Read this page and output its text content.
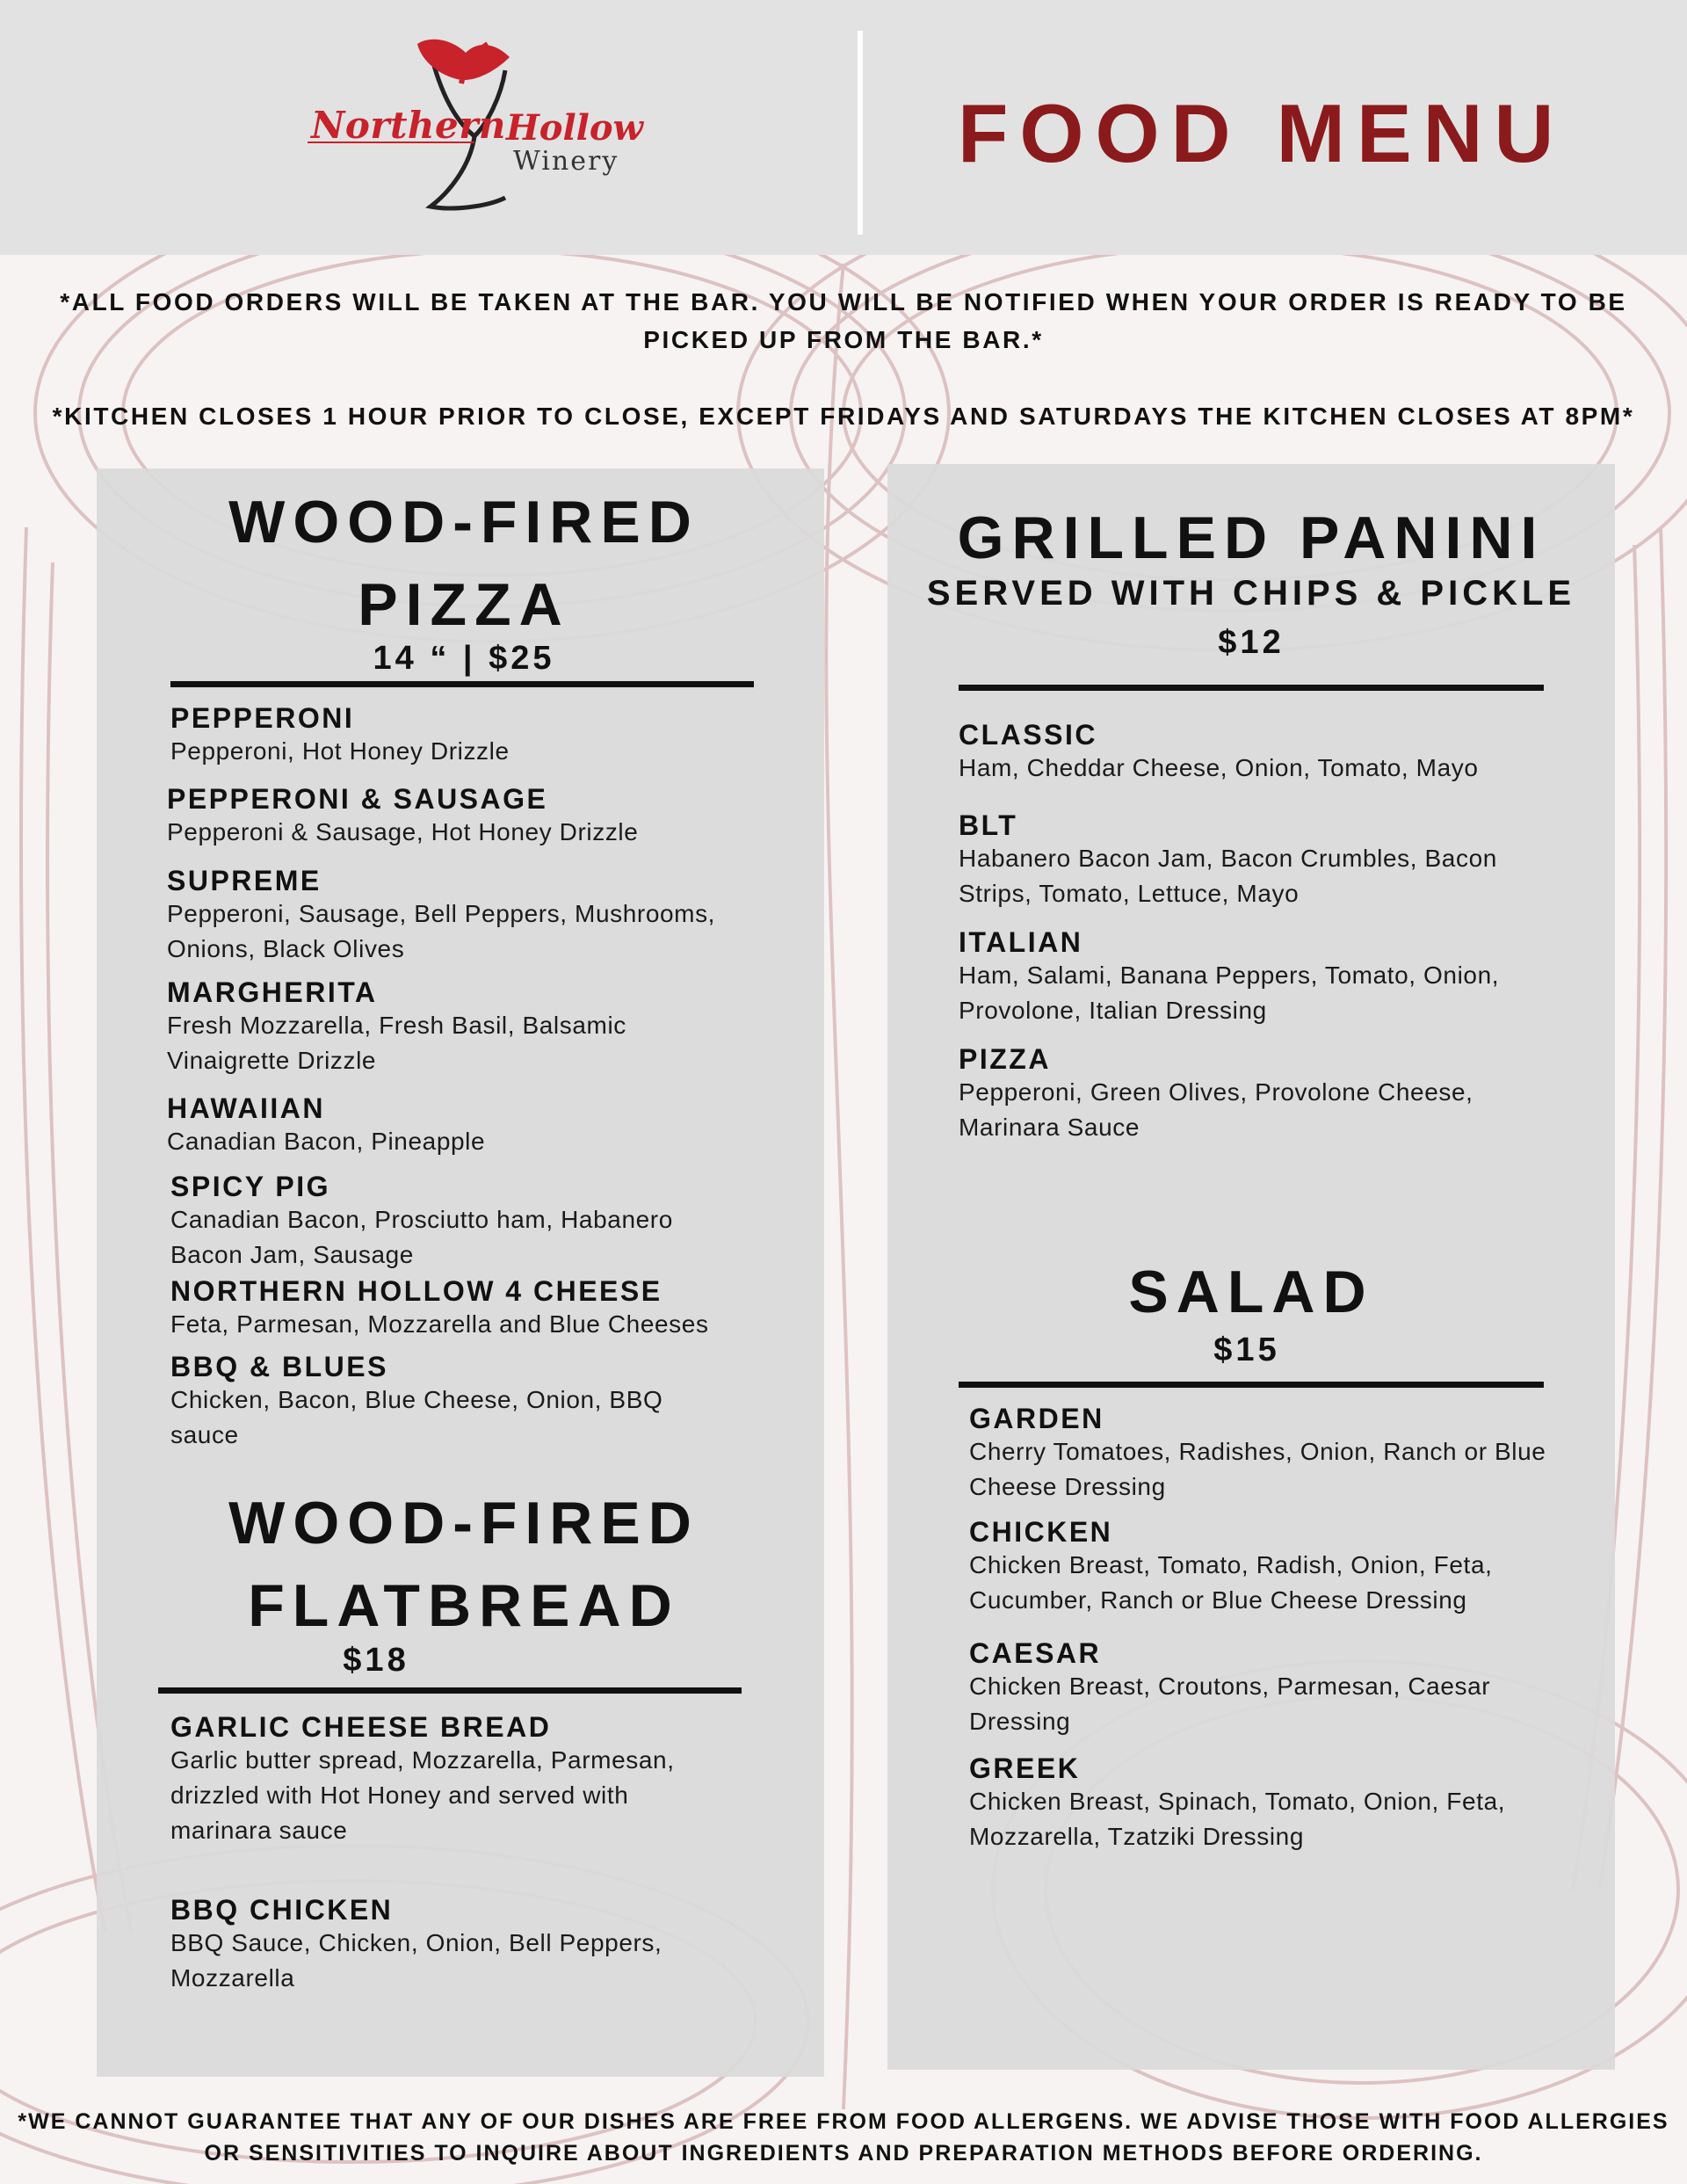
Northern Hollow
Winery	FOOD MENU
*ALL FOOD ORDERS WILL BE TAKEN AT THE BAR. YOU WILL BE NOTIFIED WHEN YOUR ORDER IS READY TO BE PICKED UP FROM THE BAR.*
*KITCHEN CLOSES 1 HOUR PRIOR TO CLOSE, EXCEPT FRIDAYS AND SATURDAYS THE KITCHEN CLOSES AT 8PM*
WOOD-FIRED
PIZZA
14 “ | $25
PEPPERONI
Pepperoni, Hot Honey Drizzle
PEPPERONI & SAUSAGE
Pepperoni & Sausage, Hot Honey Drizzle
SUPREME
Pepperoni, Sausage, Bell Peppers, Mushrooms, Onions, Black Olives
MARGHERITA
Fresh Mozzarella, Fresh Basil, Balsamic Vinaigrette Drizzle
HAWAIIAN
Canadian Bacon, Pineapple
SPICY PIG
Canadian Bacon, Prosciutto ham, Habanero Bacon Jam, Sausage
NORTHERN HOLLOW 4 CHEESE
Feta, Parmesan, Mozzarella and Blue Cheeses
BBQ & BLUES
Chicken, Bacon, Blue Cheese, Onion, BBQ sauce
WOOD-FIRED
FLATBREAD
$18
GARLIC CHEESE BREAD
Garlic butter spread, Mozzarella, Parmesan, drizzled with Hot Honey and served with marinara sauce
BBQ CHICKEN
BBQ Sauce, Chicken, Onion, Bell Peppers, Mozzarella
GRILLED PANINI
SERVED WITH CHIPS & PICKLE
$12
CLASSIC
Ham, Cheddar Cheese, Onion, Tomato, Mayo
BLT
Habanero Bacon Jam, Bacon Crumbles, Bacon Strips, Tomato, Lettuce, Mayo
ITALIAN
Ham, Salami, Banana Peppers, Tomato, Onion, Provolone, Italian Dressing
PIZZA
Pepperoni, Green Olives, Provolone Cheese, Marinara Sauce
SALAD
$15
GARDEN
Cherry Tomatoes, Radishes, Onion, Ranch or Blue Cheese Dressing
CHICKEN
Chicken Breast, Tomato, Radish, Onion, Feta, Cucumber, Ranch or Blue Cheese Dressing
CAESAR
Chicken Breast, Croutons, Parmesan, Caesar Dressing
GREEK
Chicken Breast, Spinach, Tomato, Onion, Feta, Mozzarella, Tzatziki Dressing
*WE CANNOT GUARANTEE THAT ANY OF OUR DISHES ARE FREE FROM FOOD ALLERGENS. WE ADVISE THOSE WITH FOOD ALLERGIES OR SENSITIVITIES TO INQUIRE ABOUT INGREDIENTS AND PREPARATION METHODS BEFORE ORDERING.
